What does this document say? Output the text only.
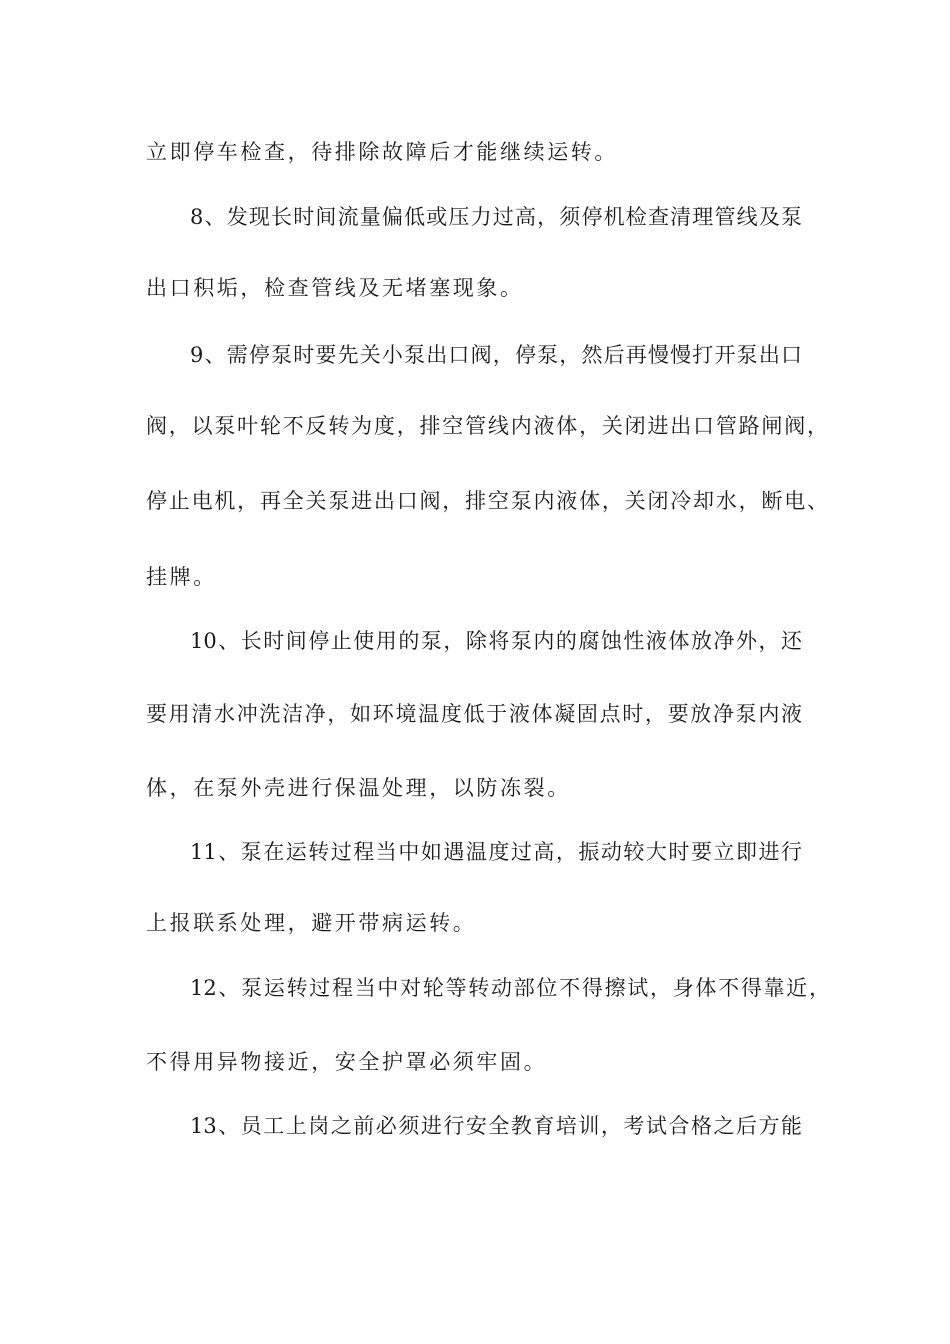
立即停车检查，待排除故障后才能继续运转。
8、发现长时间流量偏低或压力过高，须停机检查清理管线及泵
出口积垢，检查管线及无堵塞现象。
9、需停泵时要先关小泵出口阀，停泵，然后再慢慢打开泵出口
阀，以泵叶轮不反转为度，排空管线内液体，关闭进出口管路闸阀，
停止电机，再全关泵进出口阀，排空泵内液体，关闭冷却水，断电、
挂牌。
10、长时间停止使用的泵，除将泵内的腐蚀性液体放净外，还
要用清水冲洗洁净，如环境温度低于液体凝固点时，要放净泵内液
体，在泵外壳进行保温处理，以防冻裂。
11、泵在运转过程当中如遇温度过高，振动较大时要立即进行
上报联系处理，避开带病运转。
12、泵运转过程当中对轮等转动部位不得擦试，身体不得靠近，
不得用异物接近，安全护罩必须牢固。
13、员工上岗之前必须进行安全教育培训，考试合格之后方能
